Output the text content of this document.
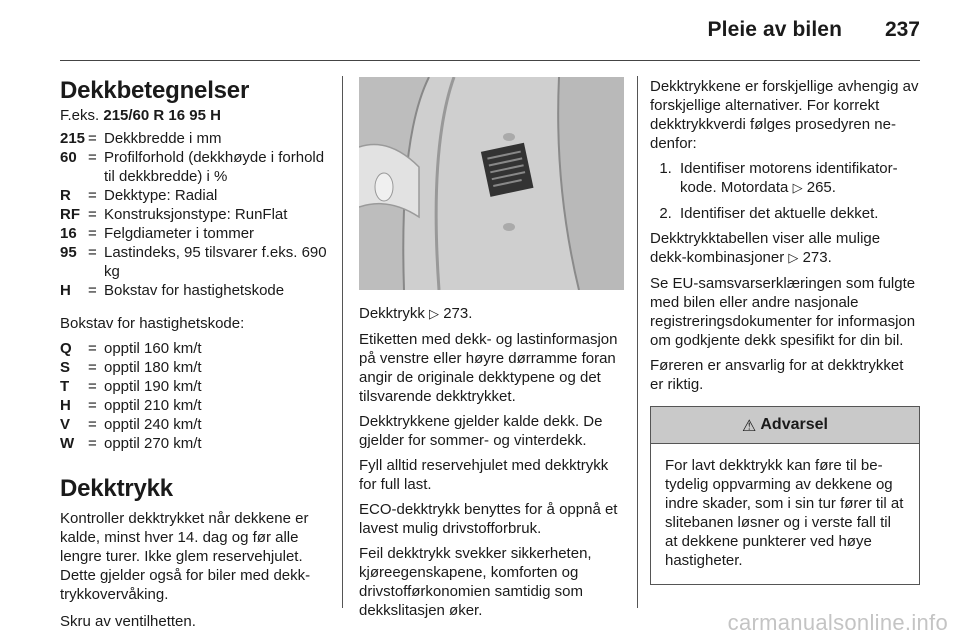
Pleie av bilen 237
Dekkbetegnelser
F.eks. 215/60 R 16 95 H
215 = Dekkbredde i mm
60 = Profilforhold (dekkhøyde i forhold til dekkbredde) i %
R	= Dekktype: Radial
RF = Konstruksjonstype: RunFlat
16 = Felgdiameter i tommer
95 = Lastindeks, 95 tilsvarer f.eks. 690 kg
H	= Bokstav for hastighetskode

Bokstav for hastighetskode:

Q	= opptil 160 km/t
S	= opptil 180 km/t
T	= opptil 190 km/t
H	= opptil 210 km/t
V	= opptil 240 km/t
W = opptil 270 km/t
Dekktrykk

Kontroller dekktrykket når dekkene er kalde, minst hver 14. dag og før alle lengre turer. Ikke glem reservehjulet. Dette gjelder også for biler med dekktrykkovervåking.

Skru av ventilhetten.

Dekktrykk ▷ 273.

Etiketten med dekk- og lastinformasjon på venstre eller høyre dørramme foran angir de originale dekktypene og det tilsvarende dekktrykket.

Dekktrykkene gjelder kalde dekk. De gjelder for sommer- og vinterdekk.

Fyll alltid reservehjulet med dekktrykk for full last.

ECO-dekktrykk benyttes for å oppnå et lavest mulig drivstofforbruk.

Feil dekktrykk svekker sikkerheten, kjøreegenskapene, komforten og drivstofførkonomien samtidig som dekkslitasjen øker.

Dekktrykkene er forskjellige avhengig av forskjellige alternativer. For korrekt dekktrykkverdi følges prosedyren nedenfor:

1. Identifiser motorens identifikatorkode. Motordata ▷ 265.
2. Identifiser det aktuelle dekket.

Dekktrykktabellen viser alle mulige dekk-kombinasjoner ▷ 273.

Se EU-samsvarserklæringen som fulgte med bilen eller andre nasjonale registreringsdokumenter for informasjon om godkjente dekk spesifikt for din bil.

Føreren er ansvarlig for at dekktrykket er riktig.

⚠ Advarsel
For lavt dekktrykk kan føre til betydelig oppvarming av dekkene og indre skader, som i sin tur fører til at slitebanen løsner og i verste fall til at dekkene punkterer ved høye hastigheter.
carmanualsonline.info
